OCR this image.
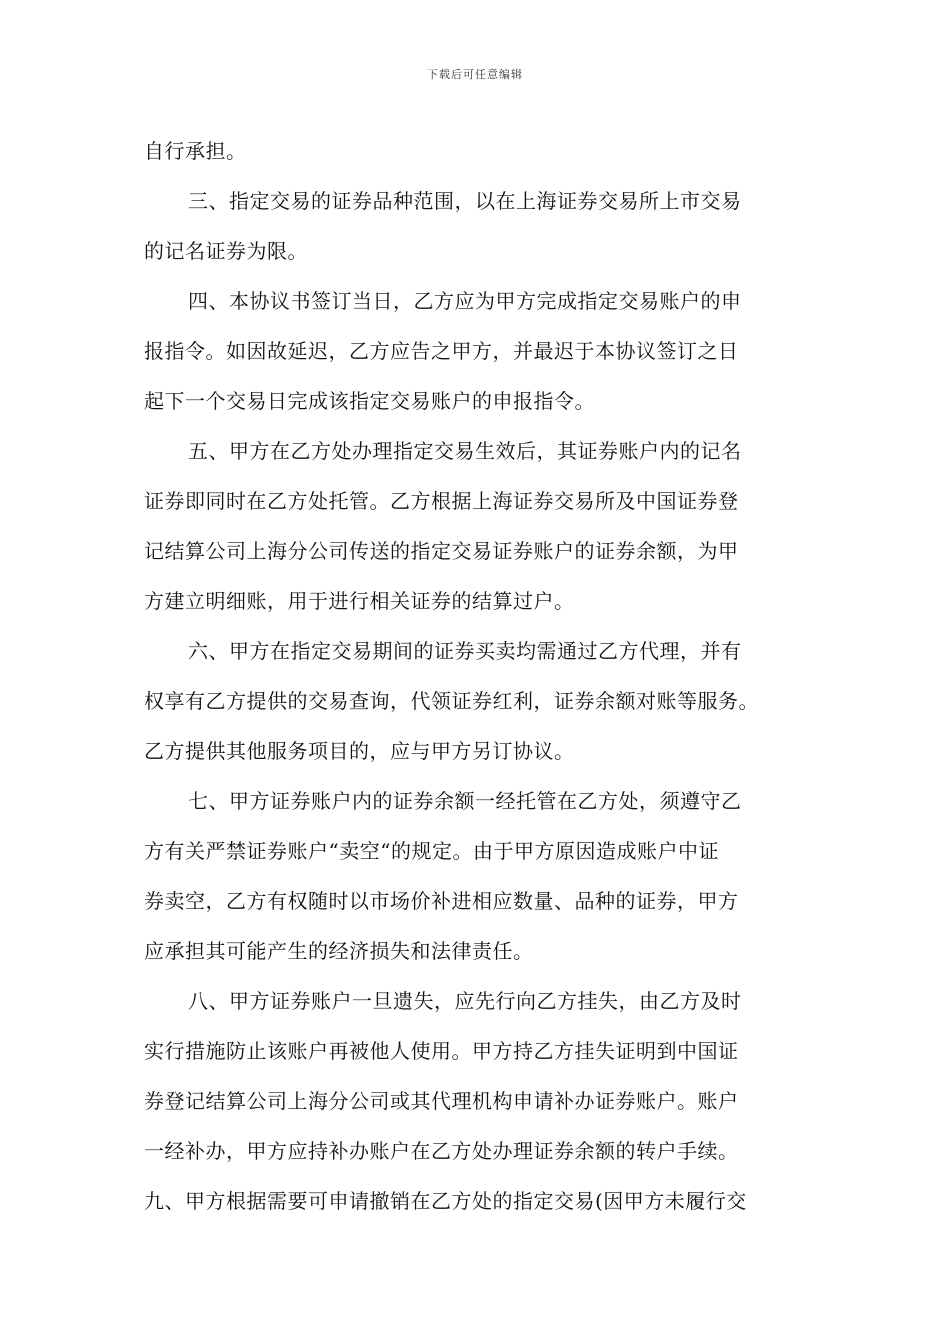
下载后可任意编辑
自行承担。
三、指定交易的证券品种范围，以在上海证券交易所上市交易
的记名证券为限。
四、本协议书签订当日，乙方应为甲方完成指定交易账户的申
报指令。如因故延迟，乙方应告之甲方，并最迟于本协议签订之日
起下一个交易日完成该指定交易账户的申报指令。
五、甲方在乙方处办理指定交易生效后，其证券账户内的记名
证券即同时在乙方处托管。乙方根据上海证券交易所及中国证券登
记结算公司上海分公司传送的指定交易证券账户的证券余额，为甲
方建立明细账，用于进行相关证券的结算过户。
六、甲方在指定交易期间的证券买卖均需通过乙方代理，并有
权享有乙方提供的交易查询，代领证券红利，证券余额对账等服务。
乙方提供其他服务项目的，应与甲方另订协议。
七、甲方证券账户内的证券余额一经托管在乙方处，须遵守乙
方有关严禁证券账户“卖空“的规定。由于甲方原因造成账户中证
券卖空，乙方有权随时以市场价补进相应数量、品种的证券，甲方
应承担其可能产生的经济损失和法律责任。
八、甲方证券账户一旦遗失，应先行向乙方挂失，由乙方及时
实行措施防止该账户再被他人使用。甲方持乙方挂失证明到中国证
券登记结算公司上海分公司或其代理机构申请补办证券账户。账户
一经补办，甲方应持补办账户在乙方处办理证券余额的转户手续。
九、甲方根据需要可申请撤销在乙方处的指定交易(因甲方未履行交
